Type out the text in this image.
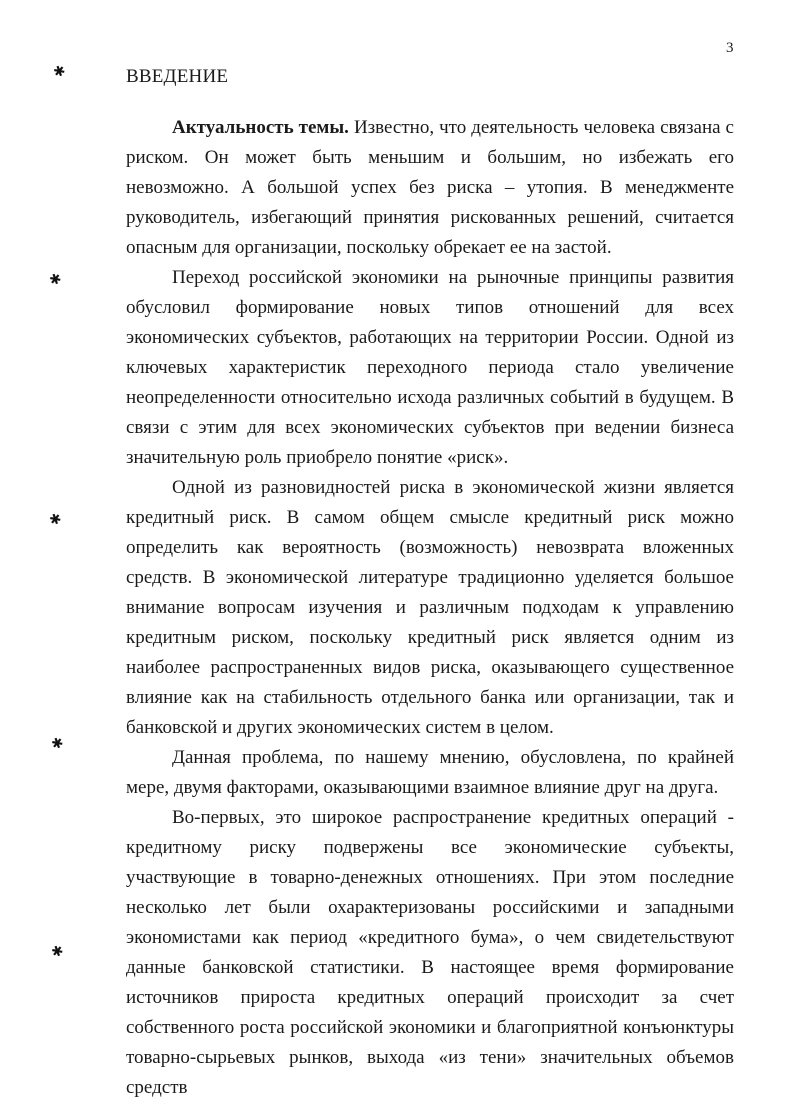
3
✱
✱
✱
✱
✱
ВВЕДЕНИЕ

Актуальность темы. Известно, что деятельность человека связана с риском. Он может быть меньшим и большим, но избежать его невозможно. А большой успех без риска – утопия. В менеджменте руководитель, избегающий принятия рискованных решений, считается опасным для организации, поскольку обрекает ее на застой.

Переход российской экономики на рыночные принципы развития обусловил формирование новых типов отношений для всех экономических субъектов, работающих на территории России. Одной из ключевых характеристик переходного периода стало увеличение неопределенности относительно исхода различных событий в будущем. В связи с этим для всех экономических субъектов при ведении бизнеса значительную роль приобрело понятие «риск».

Одной из разновидностей риска в экономической жизни является кредитный риск. В самом общем смысле кредитный риск можно определить как вероятность (возможность) невозврата вложенных средств. В экономической литературе традиционно уделяется большое внимание вопросам изучения и различным подходам к управлению кредитным риском, поскольку кредитный риск является одним из наиболее распространенных видов риска, оказывающего существенное влияние как на стабильность отдельного банка или организации, так и банковской и других экономических систем в целом.

Данная проблема, по нашему мнению, обусловлена, по крайней мере, двумя факторами, оказывающими взаимное влияние друг на друга.

Во-первых, это широкое распространение кредитных операций - кредитному риску подвержены все экономические субъекты, участвующие в товарно-денежных отношениях. При этом последние несколько лет были охарактеризованы российскими и западными экономистами как период «кредитного бума», о чем свидетельствуют данные банковской статистики. В настоящее время формирование источников прироста кредитных операций происходит за счет собственного роста российской экономики и благоприятной конъюнктуры товарно-сырьевых рынков, выхода «из тени» значительных объемов средств
